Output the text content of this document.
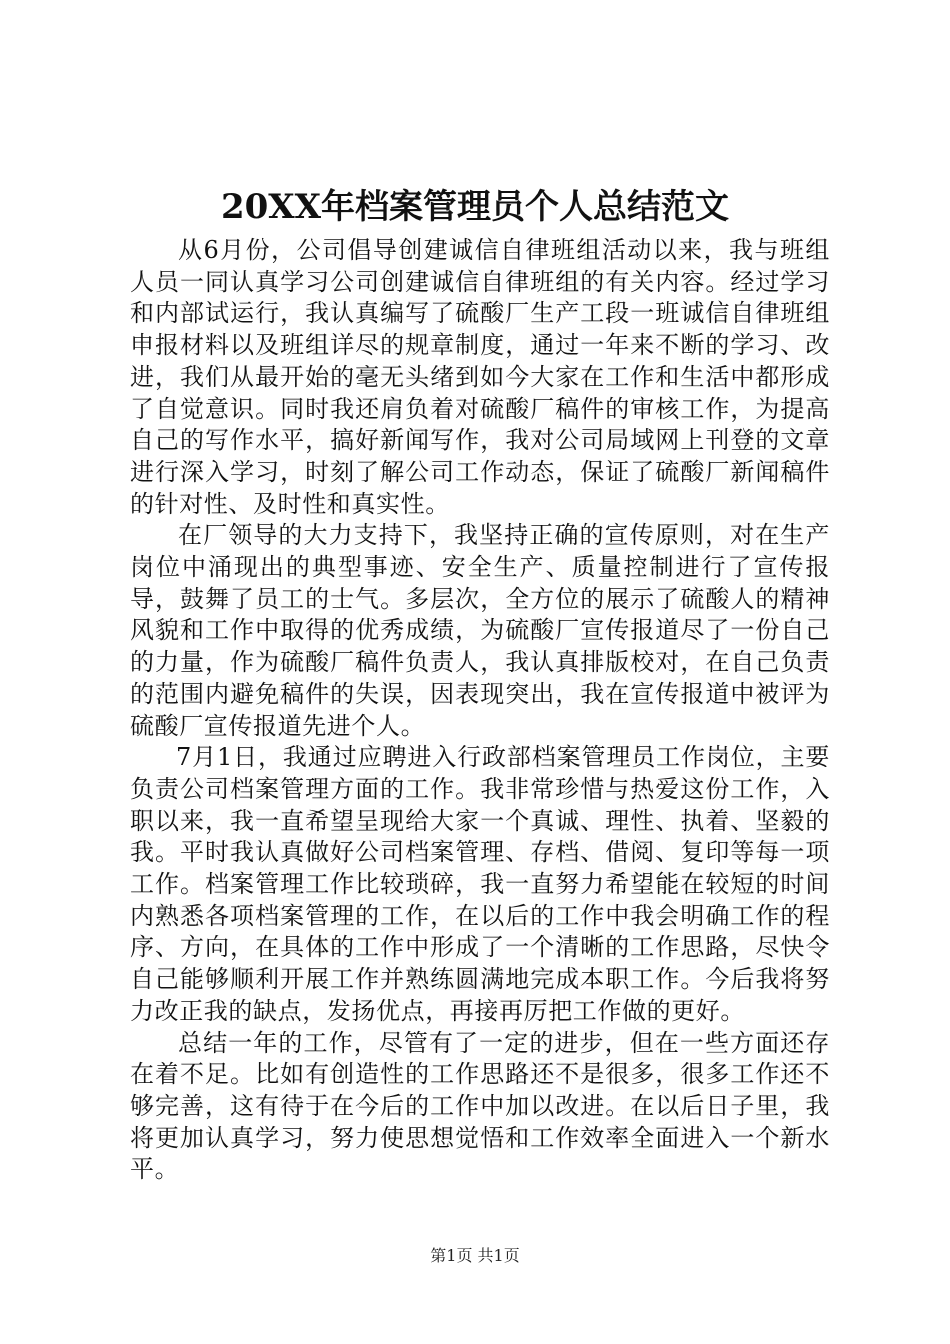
20XX年档案管理员个人总结范文

从6月份，公司倡导创建诚信自律班组活动以来，我与班组人员一同认真学习公司创建诚信自律班组的有关内容。经过学习和内部试运行，我认真编写了硫酸厂生产工段一班诚信自律班组申报材料以及班组详尽的规章制度，通过一年来不断的学习、改进，我们从最开始的毫无头绪到如今大家在工作和生活中都形成了自觉意识。同时我还肩负着对硫酸厂稿件的审核工作，为提高自己的写作水平，搞好新闻写作，我对公司局域网上刊登的文章进行深入学习，时刻了解公司工作动态，保证了硫酸厂新闻稿件的针对性、及时性和真实性。

在厂领导的大力支持下，我坚持正确的宣传原则，对在生产岗位中涌现出的典型事迹、安全生产、质量控制进行了宣传报导，鼓舞了员工的士气。多层次，全方位的展示了硫酸人的精神风貌和工作中取得的优秀成绩，为硫酸厂宣传报道尽了一份自己的力量，作为硫酸厂稿件负责人，我认真排版校对，在自己负责的范围内避免稿件的失误，因表现突出，我在宣传报道中被评为硫酸厂宣传报道先进个人。

7月1日，我通过应聘进入行政部档案管理员工作岗位，主要负责公司档案管理方面的工作。我非常珍惜与热爱这份工作，入职以来，我一直希望呈现给大家一个真诚、理性、执着、坚毅的我。平时我认真做好公司档案管理、存档、借阅、复印等每一项工作。档案管理工作比较琐碎，我一直努力希望能在较短的时间内熟悉各项档案管理的工作，在以后的工作中我会明确工作的程序、方向，在具体的工作中形成了一个清晰的工作思路，尽快令自己能够顺利开展工作并熟练圆满地完成本职工作。今后我将努力改正我的缺点，发扬优点，再接再厉把工作做的更好。

总结一年的工作，尽管有了一定的进步，但在一些方面还存在着不足。比如有创造性的工作思路还不是很多，很多工作还不够完善，这有待于在今后的工作中加以改进。在以后日子里，我将更加认真学习，努力使思想觉悟和工作效率全面进入一个新水平。

第1页 共1页
